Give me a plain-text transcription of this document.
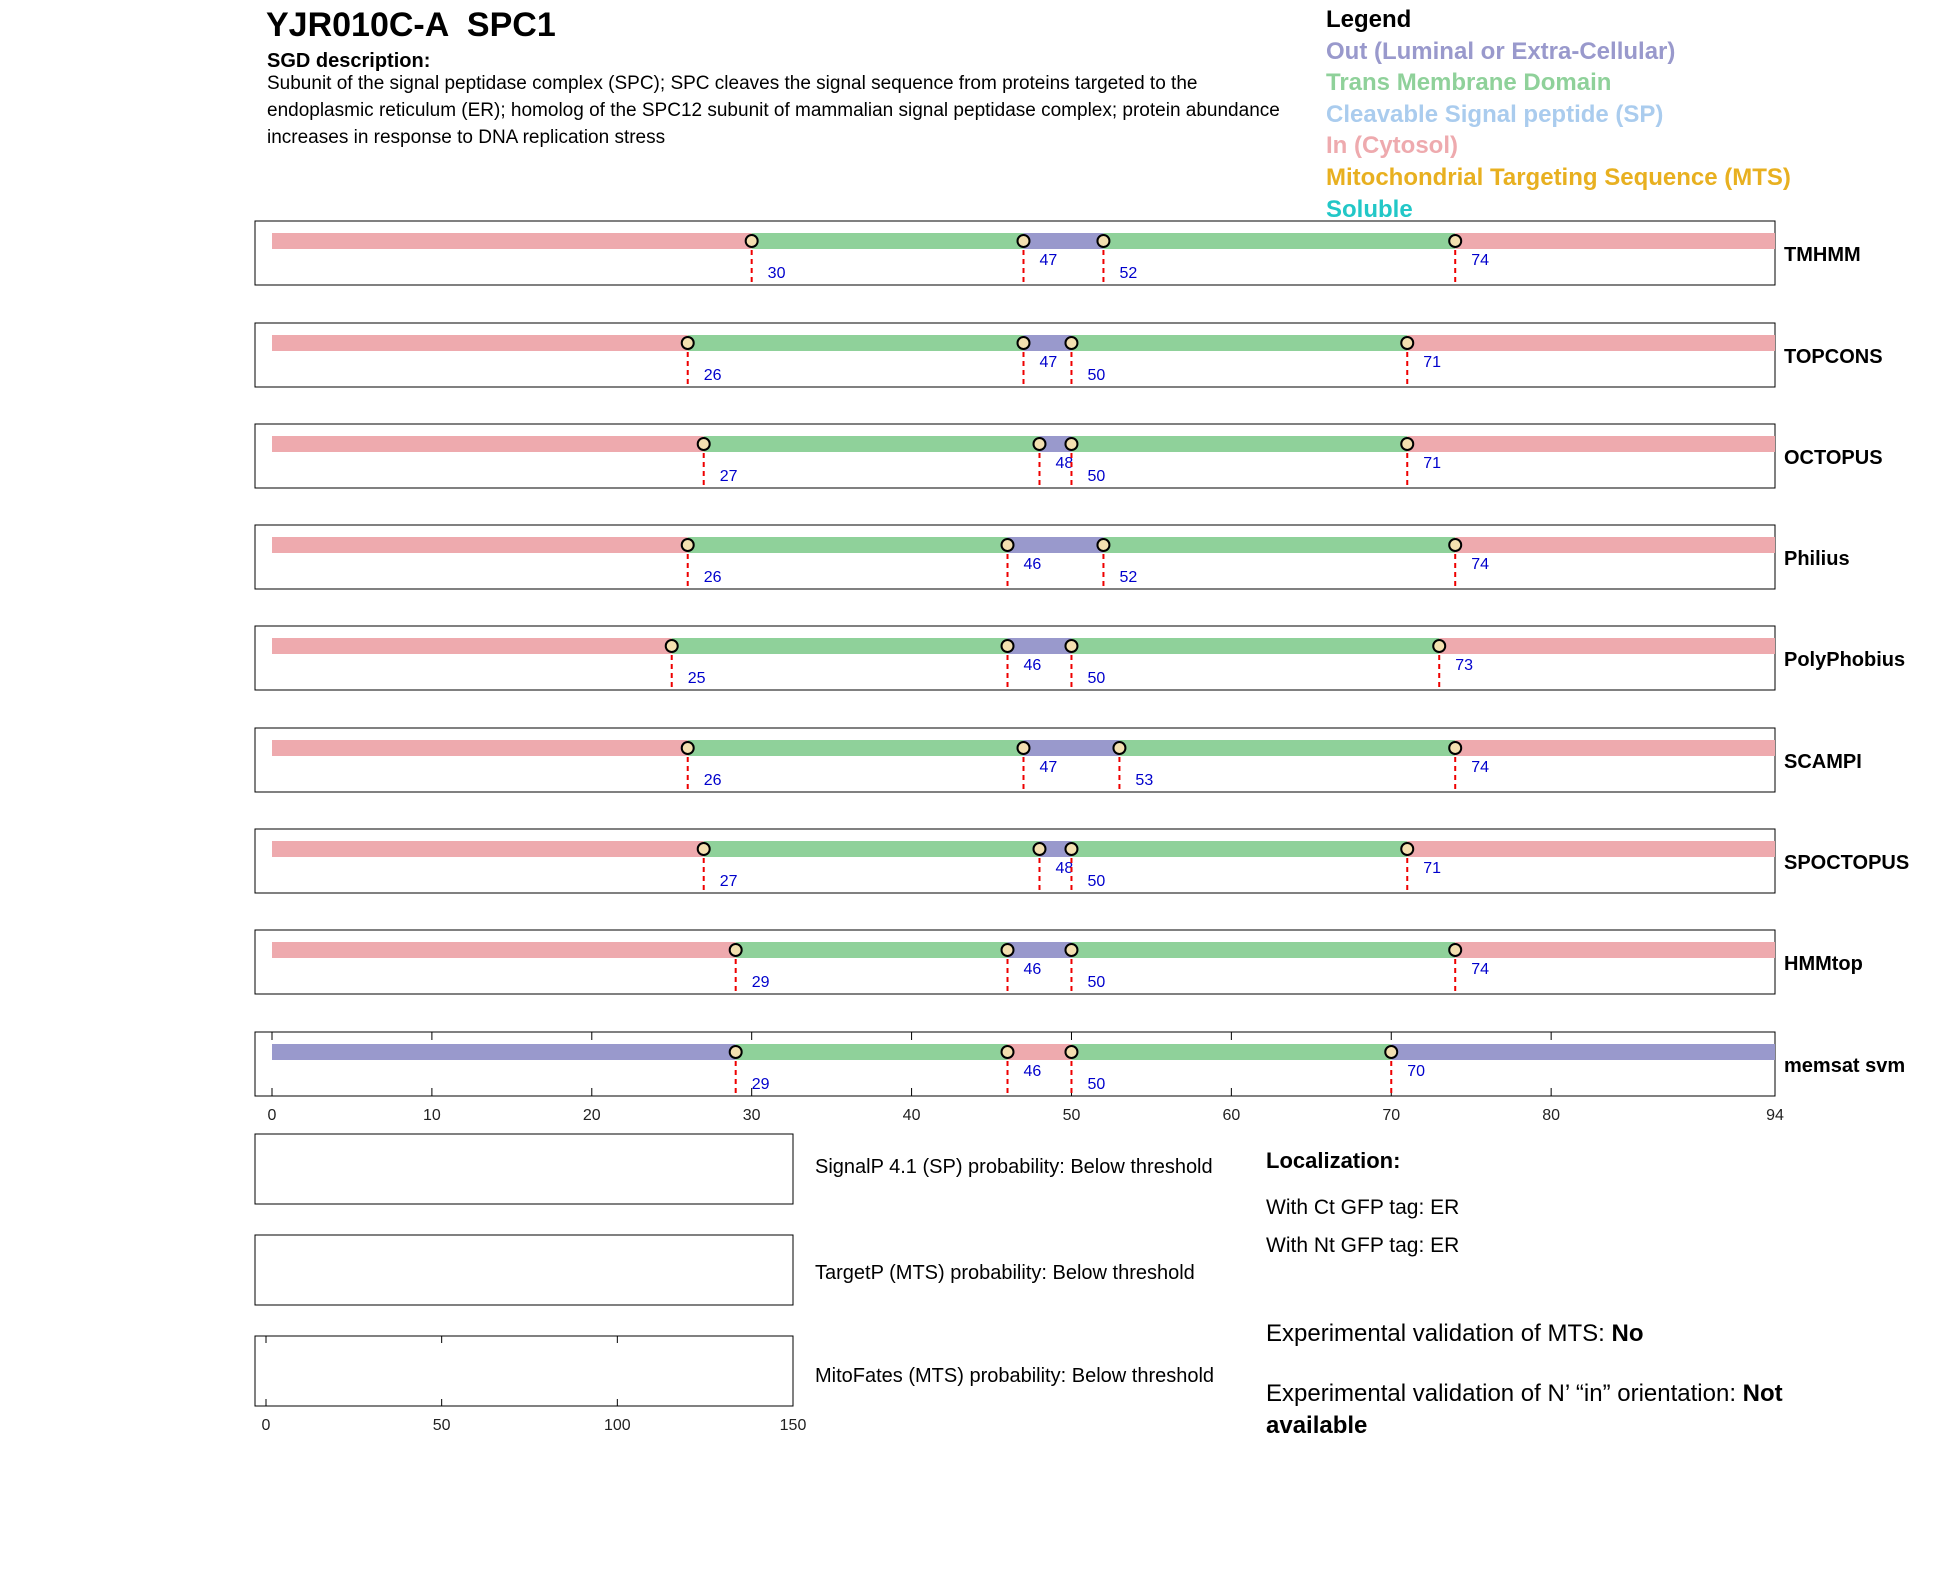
YJR010C-A  SPC1
SGD description:
Subunit of the signal peptidase complex (SPC); SPC cleaves the signal sequence from proteins targeted to the endoplasmic reticulum (ER); homolog of the SPC12 subunit of mammalian signal peptidase complex; protein abundance increases in response to DNA replication stress
Legend
Out (Luminal or Extra-Cellular)
Trans Membrane Domain
Cleavable Signal peptide (SP)
In (Cytosol)
Mitochondrial Targeting Sequence (MTS)
Soluble
30
47
52
74	TMHMM
26
47
50
71	TOPCONS
27
48
50
71	OCTOPUS
26
46
52
74	Philius
25
46
50
73	PolyPhobius
26
47
53
74	SCAMPI
27
48
50
71	SPOCTOPUS
29
46
50
74	HMMtop
0	10	20	30	40	50	60	70	80	94
29
46
50
70	memsat svm
0	50	100	150
SignalP 4.1 (SP) probability: Below threshold
TargetP (MTS) probability: Below threshold
MitoFates (MTS) probability: Below threshold
Localization:
With Ct GFP tag: ER
With Nt GFP tag: ER
Experimental validation of MTS: No
Experimental validation of N’ “in” orientation: Not available
